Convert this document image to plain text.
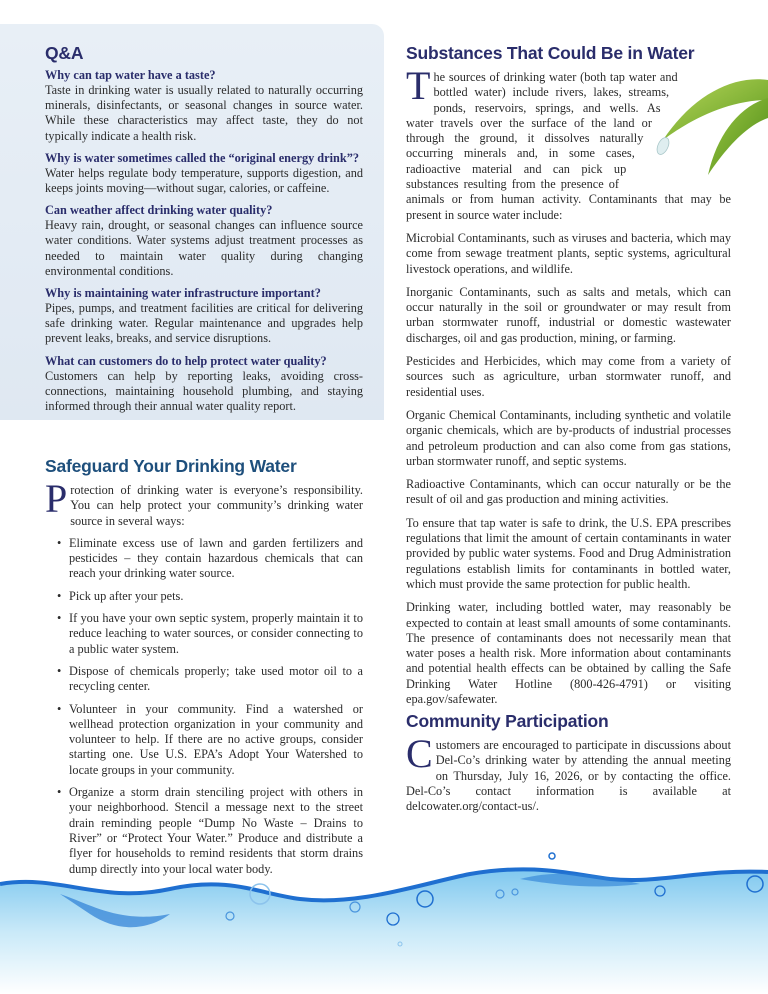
Q&A
Why can tap water have a taste?
Taste in drinking water is usually related to naturally occurring minerals, disinfectants, or seasonal changes in source water. While these characteristics may affect taste, they do not typically indicate a health risk.
Why is water sometimes called the “original energy drink”?
Water helps regulate body temperature, supports digestion, and keeps joints moving—without sugar, calories, or caffeine.
Can weather affect drinking water quality?
Heavy rain, drought, or seasonal changes can influence source water conditions. Water systems adjust treatment processes as needed to maintain water quality during changing environmental conditions.
Why is maintaining water infrastructure important?
Pipes, pumps, and treatment facilities are critical for delivering safe drinking water. Regular maintenance and upgrades help prevent leaks, breaks, and service disruptions.
What can customers do to help protect water quality?
Customers can help by reporting leaks, avoiding cross-connections, maintaining household plumbing, and staying informed through their annual water quality report.
Safeguard Your Drinking Water

Protection of drinking water is everyone’s responsibility. You can help protect your community’s drinking water source in several ways:

• Eliminate excess use of lawn and garden fertilizers and pesticides – they contain hazardous chemicals that can reach your drinking water source.
• Pick up after your pets.
• If you have your own septic system, properly maintain it to reduce leaching to water sources, or consider connecting to a public water system.
• Dispose of chemicals properly; take used motor oil to a recycling center.
• Volunteer in your community. Find a watershed or wellhead protection organization in your community and volunteer to help. If there are no active groups, consider starting one. Use U.S. EPA’s Adopt Your Watershed to locate groups in your community.
• Organize a storm drain stenciling project with others in your neighborhood. Stencil a message next to the street drain reminding people “Dump No Waste – Drains to River” or “Protect Your Water.” Produce and distribute a flyer for households to remind residents that storm drains dump directly into your local water body.
Substances That Could Be in Water

The sources of drinking water (both tap water and bottled water) include rivers, lakes, streams, ponds, reservoirs, springs, and wells. As water travels over the surface of the land or through the ground, it dissolves naturally occurring minerals and, in some cases, radioactive material and can pick up substances resulting from the presence of animals or from human activity. Contaminants that may be present in source water include:

Microbial Contaminants, such as viruses and bacteria, which may come from sewage treatment plants, septic systems, agricultural livestock operations, and wildlife.

Inorganic Contaminants, such as salts and metals, which can occur naturally in the soil or groundwater or may result from urban stormwater runoff, industrial or domestic wastewater discharges, oil and gas production, mining, or farming.

Pesticides and Herbicides, which may come from a variety of sources such as agriculture, urban stormwater runoff, and residential uses.

Organic Chemical Contaminants, including synthetic and volatile organic chemicals, which are by-products of industrial processes and petroleum production and can also come from gas stations, urban stormwater runoff, and septic systems.

Radioactive Contaminants, which can occur naturally or be the result of oil and gas production and mining activities.

To ensure that tap water is safe to drink, the U.S. EPA prescribes regulations that limit the amount of certain contaminants in water provided by public water systems. Food and Drug Administration regulations establish limits for contaminants in bottled water, which must provide the same protection for public health.

Drinking water, including bottled water, may reasonably be expected to contain at least small amounts of some contaminants. The presence of contaminants does not necessarily mean that water poses a health risk. More information about contaminants and potential health effects can be obtained by calling the Safe Drinking Water Hotline (800-426-4791) or visiting epa.gov/safewater.

Community Participation

Customers are encouraged to participate in discussions about Del-Co’s drinking water by attending the annual meeting on Thursday, July 16, 2026, or by contacting the office. Del-Co’s contact information is available at delcowater.org/contact-us/.
